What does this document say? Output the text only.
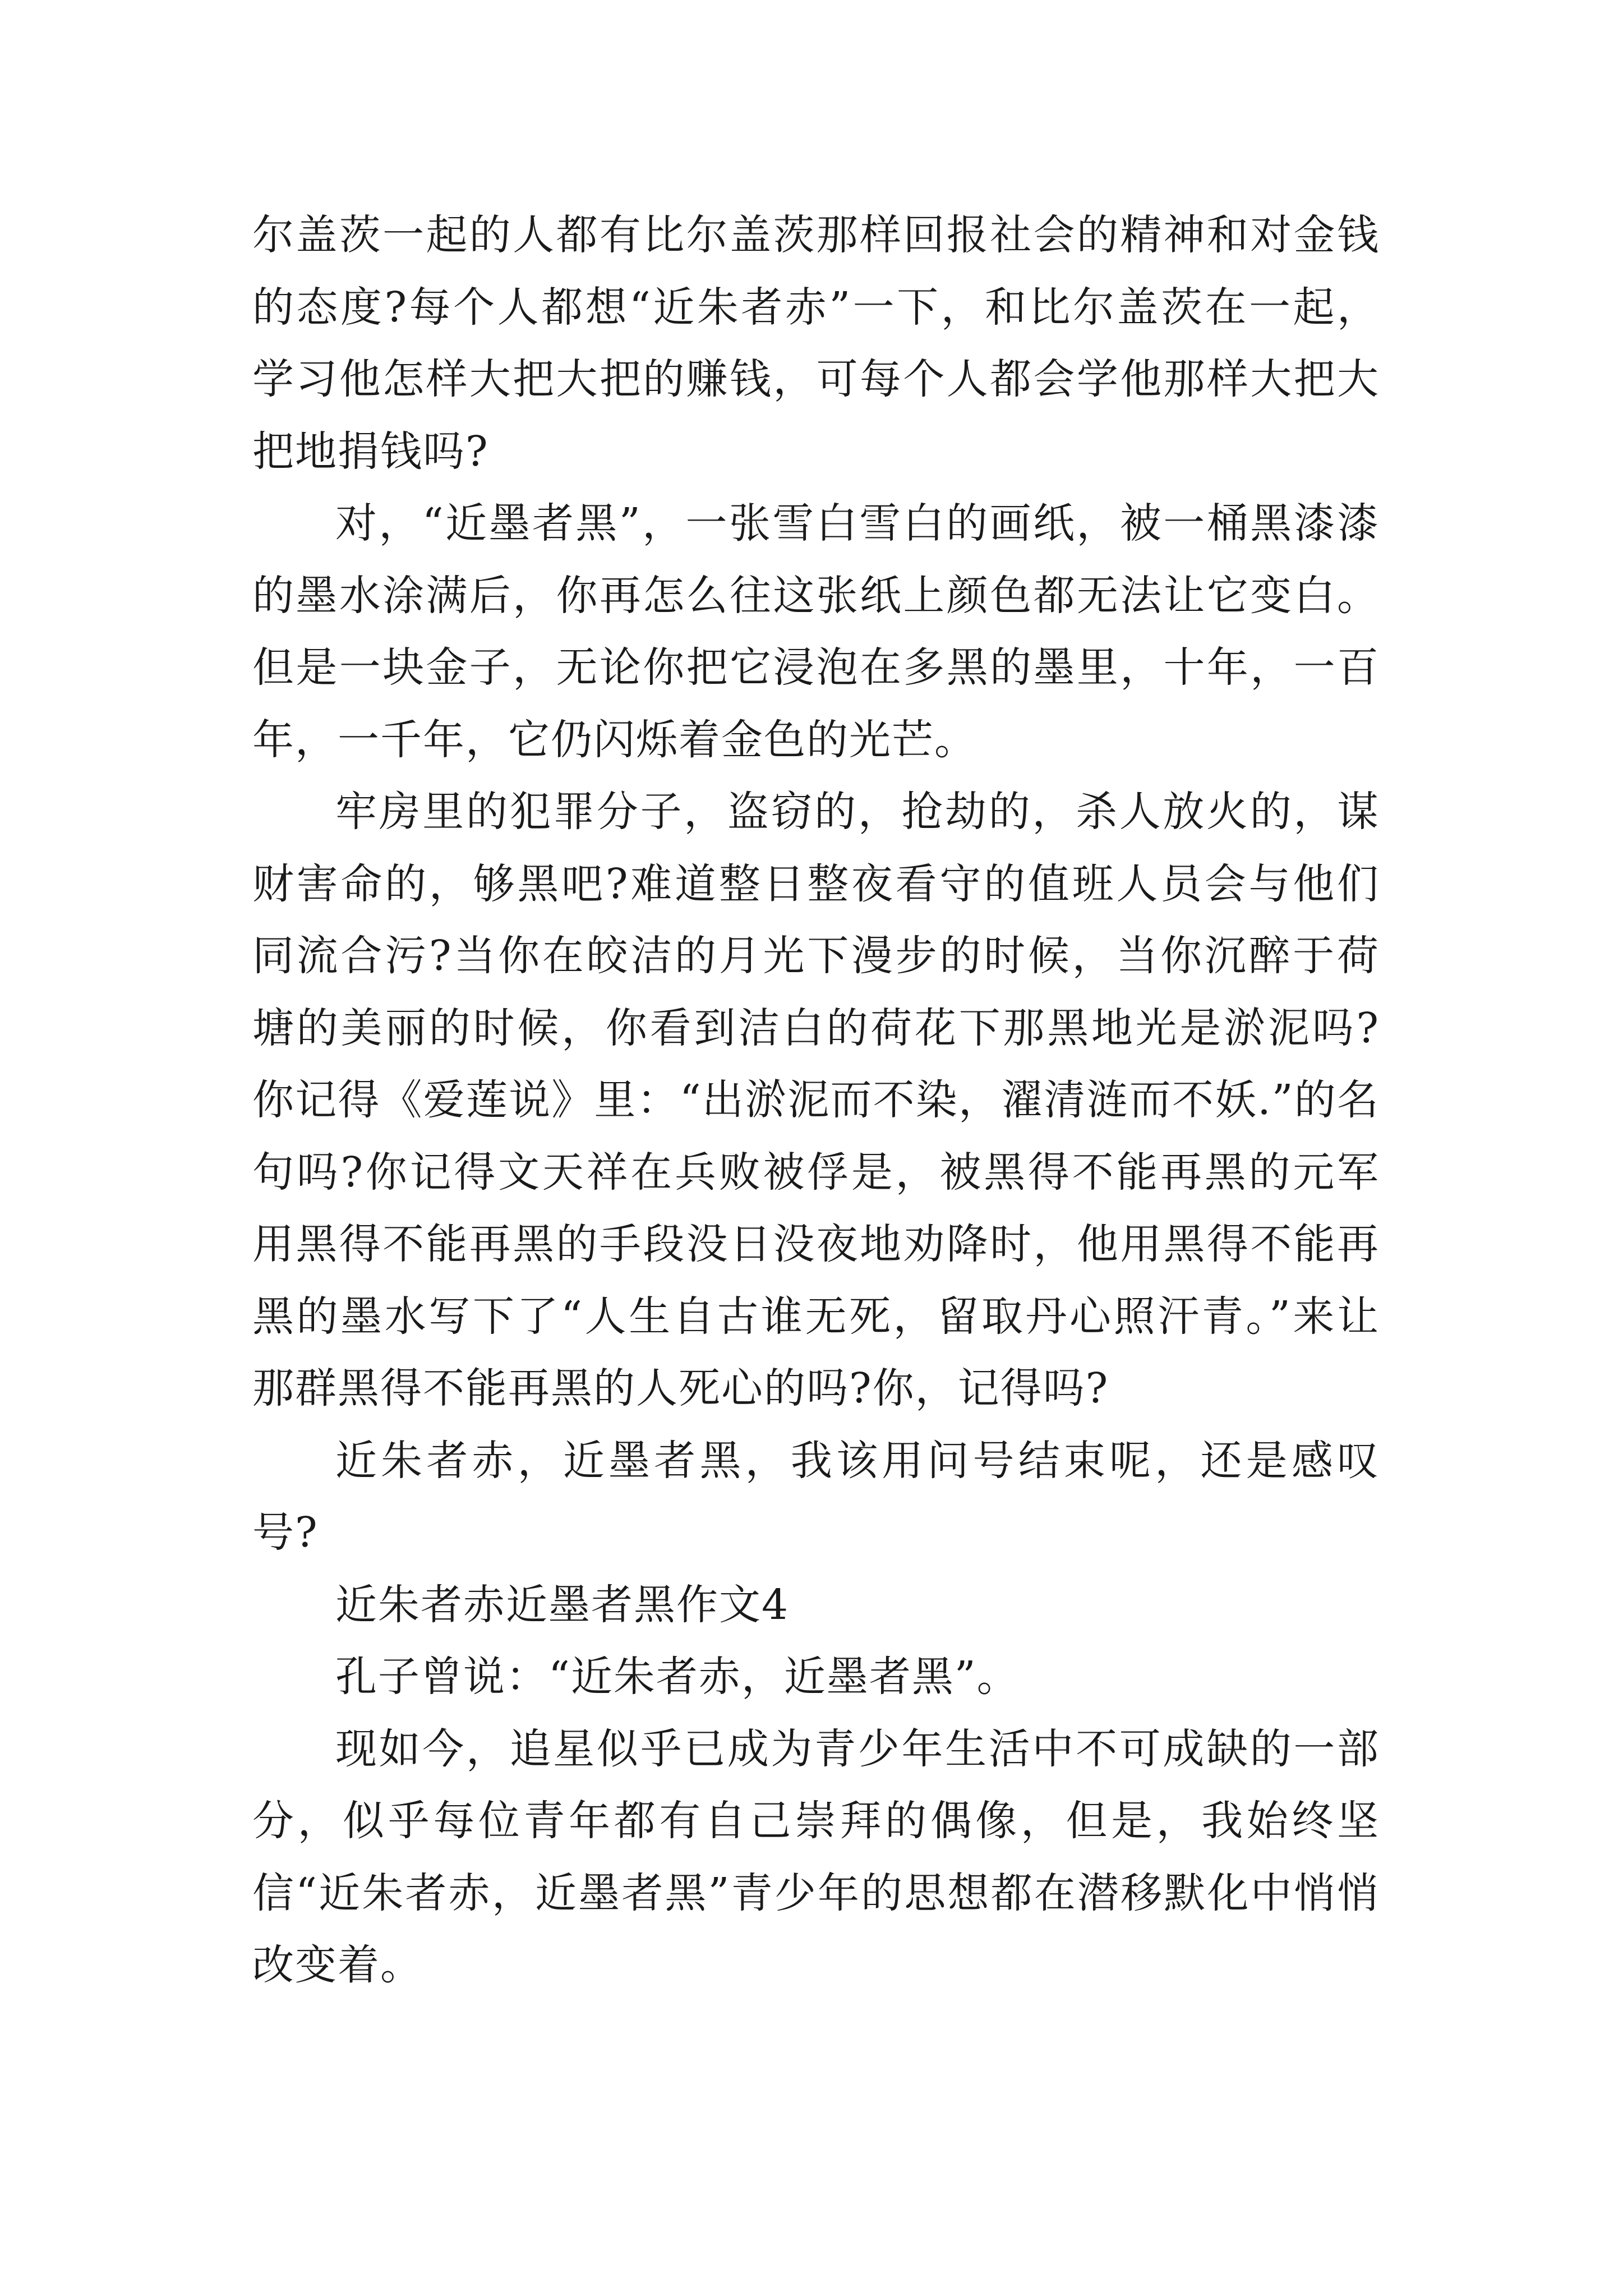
尔盖茨一起的人都有比尔盖茨那样回报社会的精神和对金钱的态度?每个人都想“近朱者赤”一下，和比尔盖茨在一起，学习他怎样大把大把的赚钱，可每个人都会学他那样大把大把地捐钱吗?

对，“近墨者黑”，一张雪白雪白的画纸，被一桶黑漆漆的墨水涂满后，你再怎么往这张纸上颜色都无法让它变白。但是一块金子，无论你把它浸泡在多黑的墨里，十年，一百年，一千年，它仍闪烁着金色的光芒。

牢房里的犯罪分子，盗窃的，抢劫的，杀人放火的，谋财害命的，够黑吧?难道整日整夜看守的值班人员会与他们同流合污?当你在皎洁的月光下漫步的时候，当你沉醉于荷塘的美丽的时候，你看到洁白的荷花下那黑地光是淤泥吗?你记得《爱莲说》里：“出淤泥而不染，濯清涟而不妖.”的名句吗?你记得文天祥在兵败被俘是，被黑得不能再黑的元军用黑得不能再黑的手段没日没夜地劝降时，他用黑得不能再黑的墨水写下了“人生自古谁无死，留取丹心照汗青。”来让那群黑得不能再黑的人死心的吗?你，记得吗?

近朱者赤，近墨者黑，我该用问号结束呢，还是感叹号?

近朱者赤近墨者黑作文4

孔子曾说：“近朱者赤，近墨者黑”。

现如今，追星似乎已成为青少年生活中不可成缺的一部分，似乎每位青年都有自己崇拜的偶像，但是，我始终坚信“近朱者赤，近墨者黑”青少年的思想都在潜移默化中悄悄改变着。
